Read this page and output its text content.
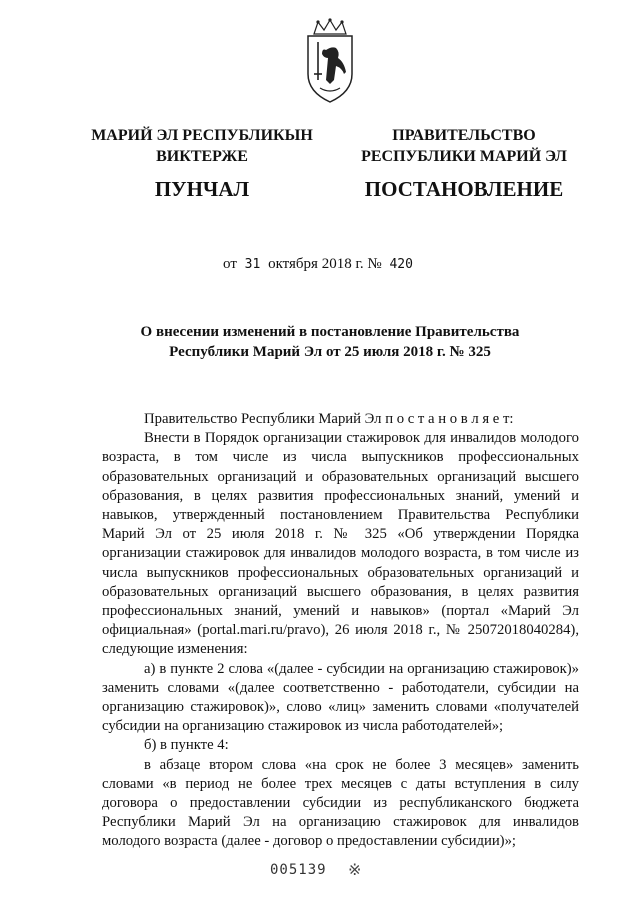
МАРИЙ ЭЛ РЕСПУБЛИКЫН
ВИКТЕРЖЕ
ПУНЧАЛ
ПРАВИТЕЛЬСТВО
РЕСПУБЛИКИ МАРИЙ ЭЛ
ПОСТАНОВЛЕНИЕ
от 31 октября 2018 г. № 420
О внесении изменений в постановление Правительства
Республики Марий Эл от 25 июля 2018 г. № 325

Правительство Республики Марий Эл п о с т а н о в л я е т:

Внести в Порядок организации стажировок для инвалидов молодого возраста, в том числе из числа выпускников профессиональных образовательных организаций и образовательных организаций высшего образования, в целях развития профессиональных знаний, умений и навыков, утвержденный постановлением Правительства Республики Марий Эл от 25 июля 2018 г. № 325 «Об утверждении Порядка организации стажировок для инвалидов молодого возраста, в том числе из числа выпускников профессиональных образовательных организаций и образовательных организаций высшего образования, в целях развития профессиональных знаний, умений и навыков» (портал «Марий Эл официальная» (portal.mari.ru/pravo), 26 июля 2018 г., № 25072018040284), следующие изменения:

а) в пункте 2 слова «(далее - субсидии на организацию стажировок)» заменить словами «(далее соответственно - работодатели, субсидии на организацию стажировок)», слово «лиц» заменить словами «получателей субсидии на организацию стажировок из числа работодателей»;

б) в пункте 4:

в абзаце втором слова «на срок не более 3 месяцев» заменить словами «в период не более трех месяцев с даты вступления в силу договора о предоставлении субсидии из республиканского бюджета Республики Марий Эл на организацию стажировок для инвалидов молодого возраста (далее - договор о предоставлении субсидии)»;

005139 ※
